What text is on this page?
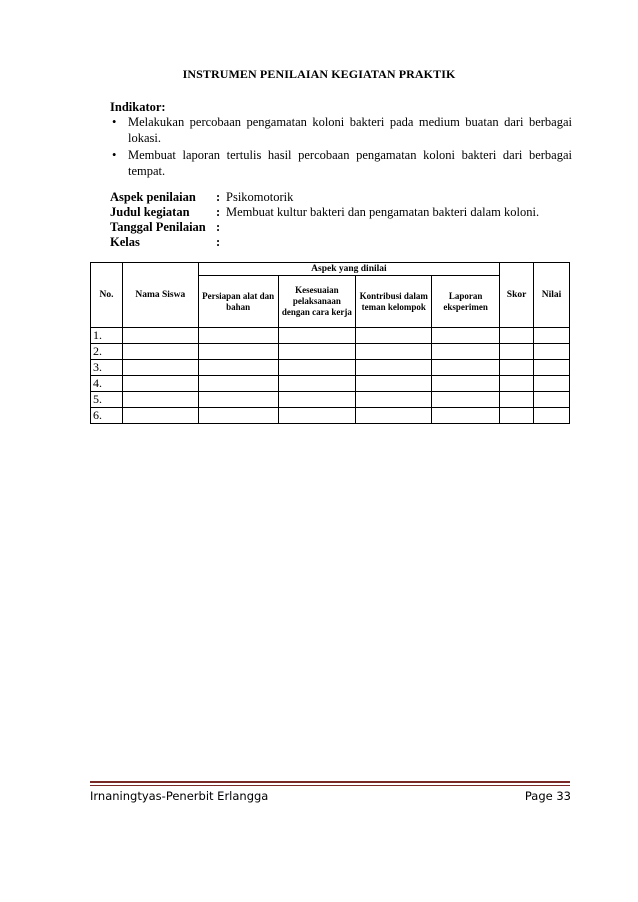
INSTRUMEN PENILAIAN KEGIATAN PRAKTIK
Indikator:
• Melakukan percobaan pengamatan koloni bakteri pada medium buatan dari berbagai lokasi.
• Membuat laporan tertulis hasil percobaan pengamatan koloni bakteri dari berbagai tempat.
Aspek penilaian	: Psikomotorik
Judul kegiatan	: Membuat kultur bakteri dan pengamatan bakteri dalam koloni.
Tanggal Penilaian :
Kelas	:
No.	Nama Siswa	Aspek yang dinilai				Skor	Nilai
		Persiapan alat dan bahan	Kesesuaian pelaksanaan dengan cara kerja	Kontribusi dalam teman kelompok	Laporan eksperimen		
1.							
2.							
3.							
4.							
5.							
6.							
Irnaningtyas-Penerbit Erlangga	Page 33
